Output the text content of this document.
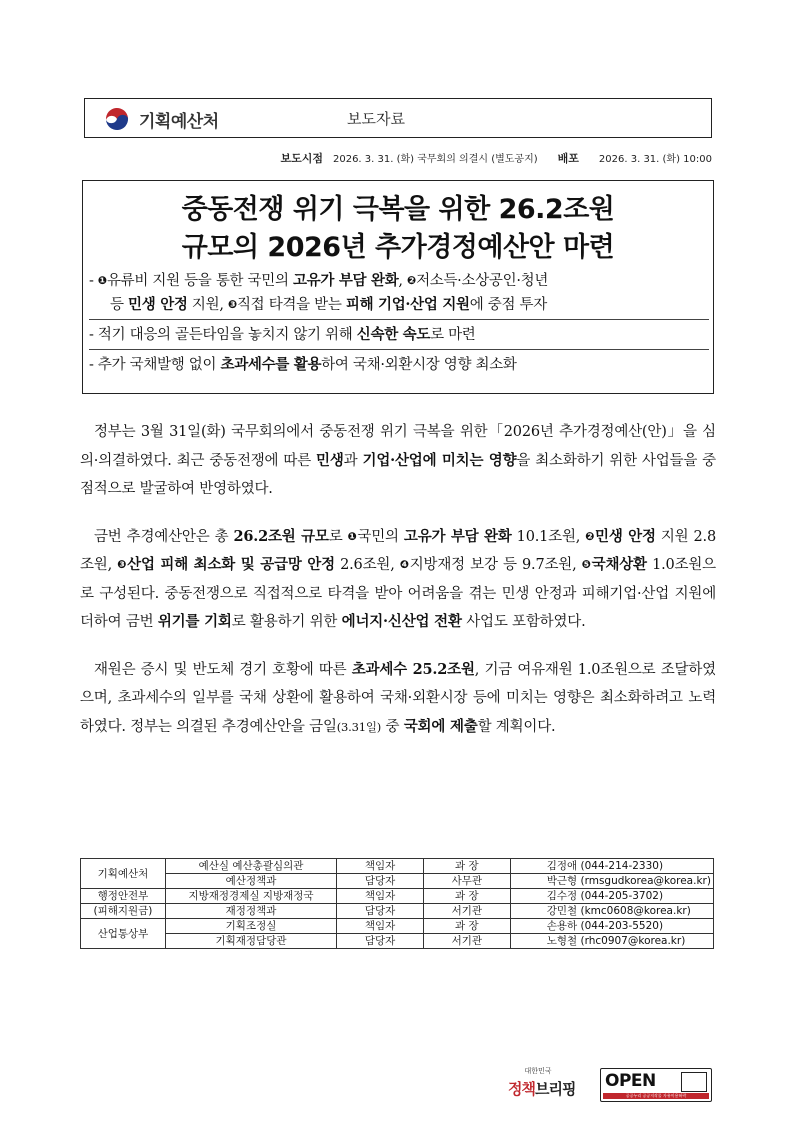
기획예산처	보도자료
보도시점 2026. 3. 31. (화) 국무회의 의결시 (별도공지) 배포 2026. 3. 31. (화) 10:00
중동전쟁 위기 극복을 위한 26.2조원
규모의 2026년 추가경정예산안 마련
- $^❶$유류비 지원 등을 통한 국민의 고유가 부담 완화, $^❷$저소득·소상공인·청년
등 민생 안정 지원, $^❸$직접 타격을 받는 피해 기업·산업 지원에 중점 투자
- 적기 대응의 골든타임을 놓치지 않기 위해 신속한 속도로 마련
- 추가 국채발행 없이 초과세수를 활용하여 국채·외환시장 영향 최소화

정부는 3월 31일(화) 국무회의에서 중동전쟁 위기 극복을 위한「2026년 추가경정예산(안)」을 심의·의결하였다. 최근 중동전쟁에 따른 민생과 기업·산업에 미치는 영향을 최소화하기 위한 사업들을 중점적으로 발굴하여 반영하였다.

금번 추경예산안은 총 26.2조원 규모로 $^❶$국민의 고유가 부담 완화 10.1조원, $^❷$민생 안정 지원 2.8조원, $^❸$산업 피해 최소화 및 공급망 안정 2.6조원, $^❹$지방재정 보강 등 9.7조원, $^❺$국채상환 1.0조원으로 구성된다. 중동전쟁으로 직접적으로 타격을 받아 어려움을 겪는 민생 안정과 피해기업·산업 지원에 더하여 금번 위기를 기회로 활용하기 위한 에너지·신산업 전환 사업도 포함하였다.

재원은 증시 및 반도체 경기 호황에 따른 초과세수 25.2조원, 기금 여유재원 1.0조원으로 조달하였으며, 초과세수의 일부를 국채 상환에 활용하여 국채·외환시장 등에 미치는 영향은 최소화하려고 노력하였다. 정부는 의결된 추경예산안을 금일(3.31일) 중 국회에 제출할 계획이다.

기획예산처	예산실 예산총괄심의관	책임자	과 장	김정애 (044-214-2330)
	예산정책과	담당자	사무관	박근형 (rmsgudkorea@korea.kr)
행정안전부	지방재정경제실 지방재정국	책임자	과 장	김수정 (044-205-3702)
(피해지원금)	재정정책과	담당자	서기관	강민철 (kmc0608@korea.kr)
산업통상부	기획조정실	책임자	과 장	손용하 (044-203-5520)
	기획재정담당관	담당자	서기관	노형철 (rhc0907@korea.kr)
대한민국
정책브리핑 OPEN
공공누리 공공저작물 자유이용허락
